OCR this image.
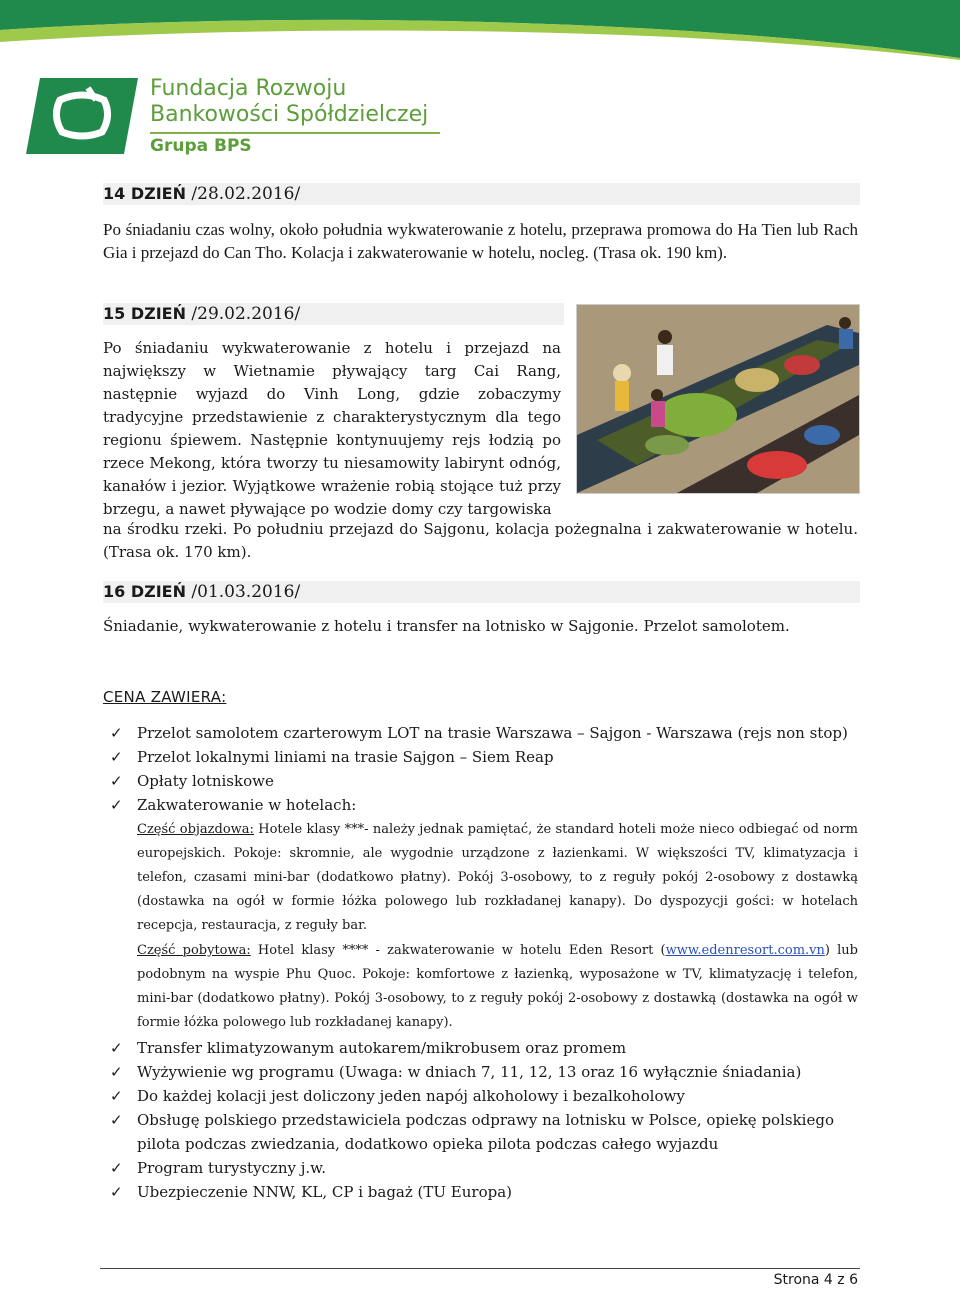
Fundacja Rozwoju
Bankowości Spółdzielczej
Grupa BPS
14 DZIEŃ /28.02.2016/
Po śniadaniu czas wolny, około południa wykwaterowanie z hotelu, przeprawa promowa do Ha Tien lub Rach Gia i przejazd do Can Tho. Kolacja i zakwaterowanie w hotelu, nocleg. (Trasa ok. 190 km).
15 DZIEŃ /29.02.2016/
Po śniadaniu wykwaterowanie z hotelu i przejazd na największy w Wietnamie pływający targ Cai Rang, następnie wyjazd do Vinh Long, gdzie zobaczymy tradycyjne przedstawienie z charakterystycznym dla tego regionu śpiewem. Następnie kontynuujemy rejs łodzią po rzece Mekong, która tworzy tu niesamowity labirynt odnóg, kanałów i jezior. Wyjątkowe wrażenie robią stojące tuż przy brzegu, a nawet pływające po wodzie domy czy targowiska
na środku rzeki. Po południu przejazd do Sajgonu, kolacja pożegnalna i zakwaterowanie w hotelu. (Trasa ok. 170 km).
16 DZIEŃ /01.03.2016/
Śniadanie, wykwaterowanie z hotelu i transfer na lotnisko w Sajgonie. Przelot samolotem.
CENA ZAWIERA:
✓ Przelot samolotem czarterowym LOT na trasie Warszawa – Sajgon - Warszawa (rejs non stop)
✓ Przelot lokalnymi liniami na trasie Sajgon – Siem Reap
✓ Opłaty lotniskowe
✓ Zakwaterowanie w hotelach:
Część objazdowa: Hotele klasy ***- należy jednak pamiętać, że standard hoteli może nieco odbiegać od norm europejskich. Pokoje: skromnie, ale wygodnie urządzone z łazienkami. W większości TV, klimatyzacja i telefon, czasami mini-bar (dodatkowo płatny). Pokój 3-osobowy, to z reguły pokój 2-osobowy z dostawką (dostawka na ogół w formie łóżka polowego lub rozkładanej kanapy). Do dyspozycji gości: w hotelach recepcja, restauracja, z reguły bar.
Część pobytowa: Hotel klasy **** - zakwaterowanie w hotelu Eden Resort (www.edenresort.com.vn) lub podobnym na wyspie Phu Quoc. Pokoje: komfortowe z łazienką, wyposażone w TV, klimatyzację i telefon, mini-bar (dodatkowo płatny). Pokój 3-osobowy, to z reguły pokój 2-osobowy z dostawką (dostawka na ogół w formie łóżka polowego lub rozkładanej kanapy).
✓ Transfer klimatyzowanym autokarem/mikrobusem oraz promem
✓ Wyżywienie wg programu (Uwaga: w dniach 7, 11, 12, 13 oraz 16 wyłącznie śniadania)
✓ Do każdej kolacji jest doliczony jeden napój alkoholowy i bezalkoholowy
✓ Obsługę polskiego przedstawiciela podczas odprawy na lotnisku w Polsce, opiekę polskiego
pilota podczas zwiedzania, dodatkowo opieka pilota podczas całego wyjazdu
✓ Program turystyczny j.w.
✓ Ubezpieczenie NNW, KL, CP i bagaż (TU Europa)
Strona 4 z 6
